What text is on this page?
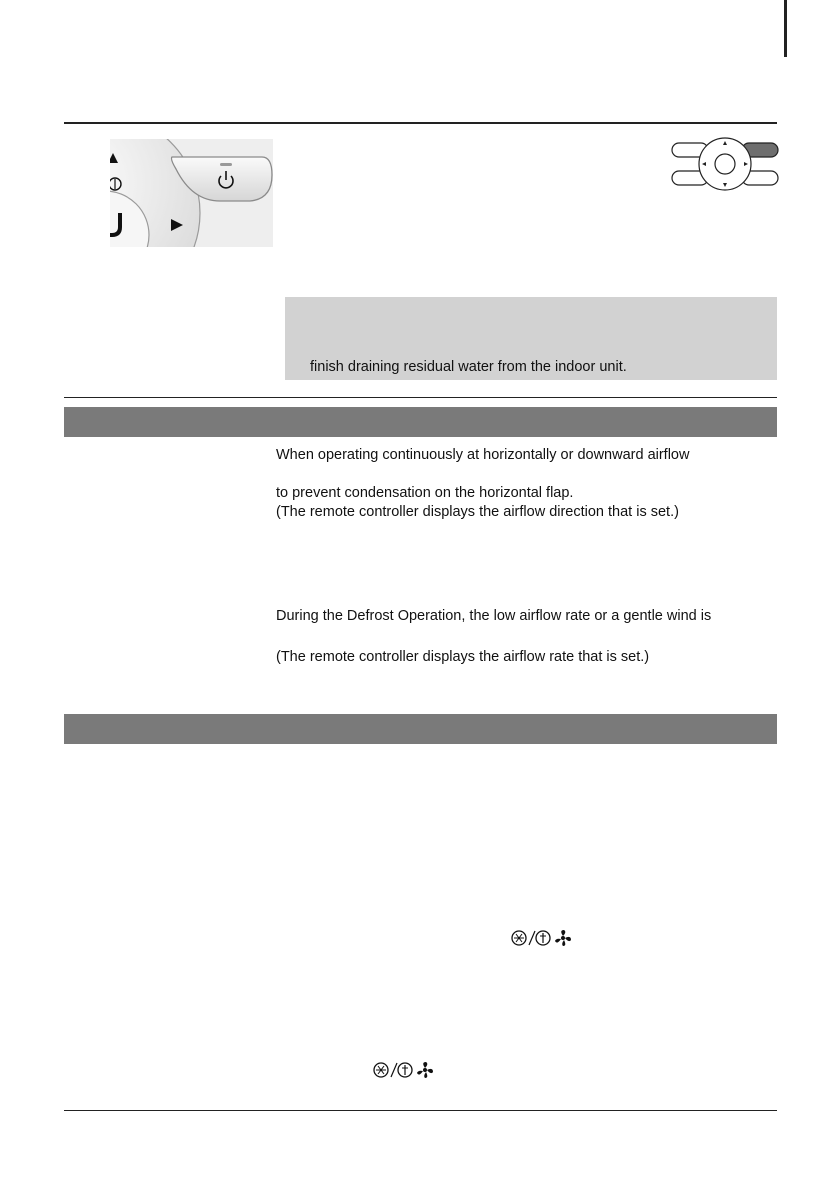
finish draining residual water from the indoor unit.
When operating continuously at horizontally or downward airflow
to prevent condensation on the horizontal flap.
(The remote controller displays the airflow direction that is set.)
During the Defrost Operation, the low airflow rate or a gentle wind is
(The remote controller displays the airflow rate that is set.)
